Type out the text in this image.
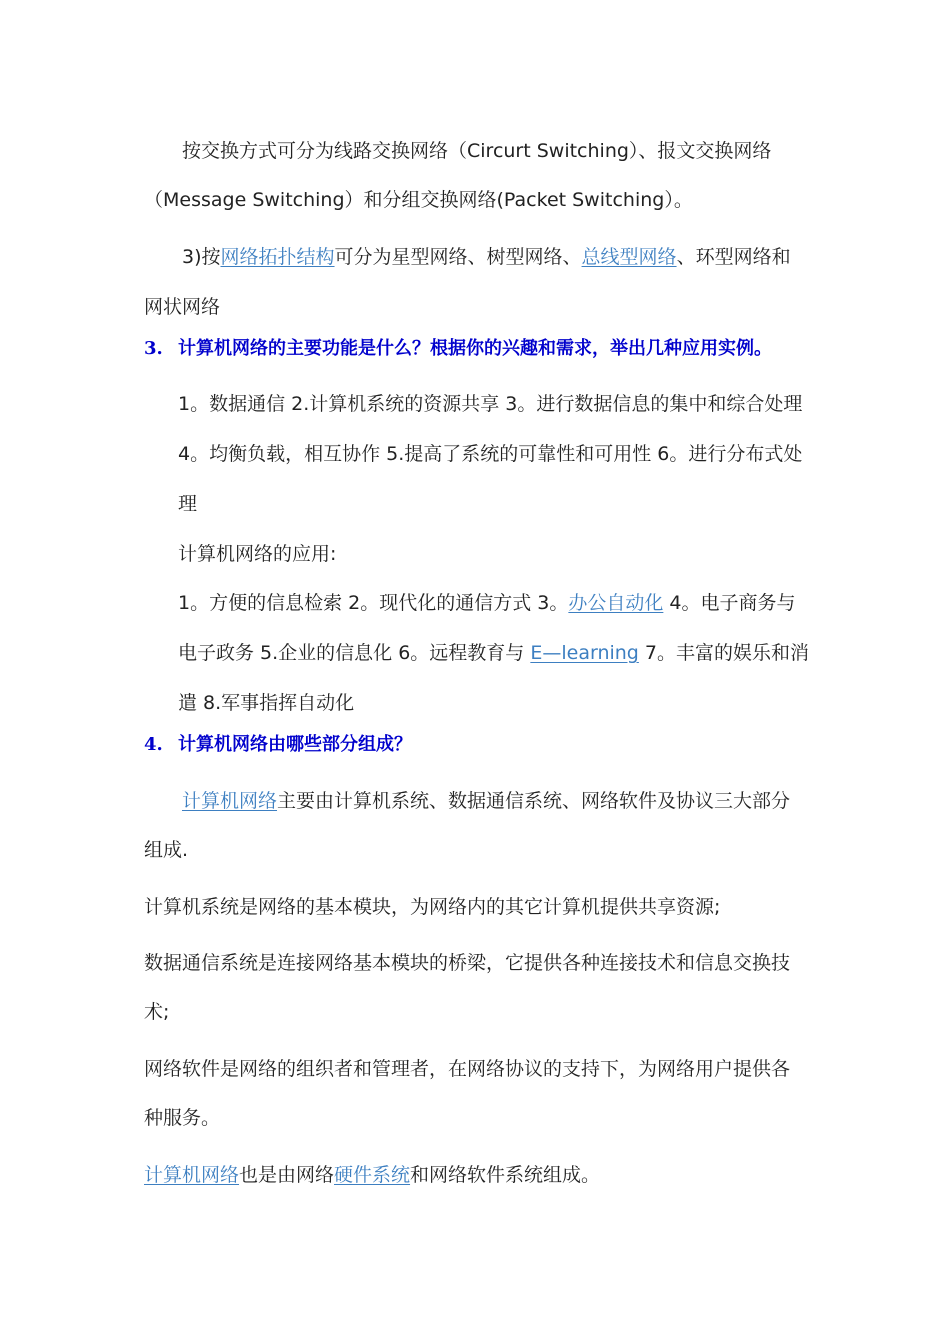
按交换方式可分为线路交换网络（Circurt Switching）、报文交换网络
（Message Switching）和分组交换网络(Packet Switching）。
3)按网络拓扑结构可分为星型网络、树型网络、总线型网络、环型网络和
网状网络
3. 计算机网络的主要功能是什么？根据你的兴趣和需求，举出几种应用实例。
1。数据通信 2.计算机系统的资源共享 3。进行数据信息的集中和综合处理
4。均衡负载，相互协作 5.提高了系统的可靠性和可用性 6。进行分布式处
理
计算机网络的应用:
1。方便的信息检索 2。现代化的通信方式 3。办公自动化 4。电子商务与
电子政务 5.企业的信息化 6。远程教育与 E—learning 7。丰富的娱乐和消
遣 8.军事指挥自动化
4. 计算机网络由哪些部分组成？
计算机网络主要由计算机系统、数据通信系统、网络软件及协议三大部分
组成.
计算机系统是网络的基本模块，为网络内的其它计算机提供共享资源;
数据通信系统是连接网络基本模块的桥梁，它提供各种连接技术和信息交换技
术;
网络软件是网络的组织者和管理者，在网络协议的支持下，为网络用户提供各
种服务。
计算机网络也是由网络硬件系统和网络软件系统组成。
